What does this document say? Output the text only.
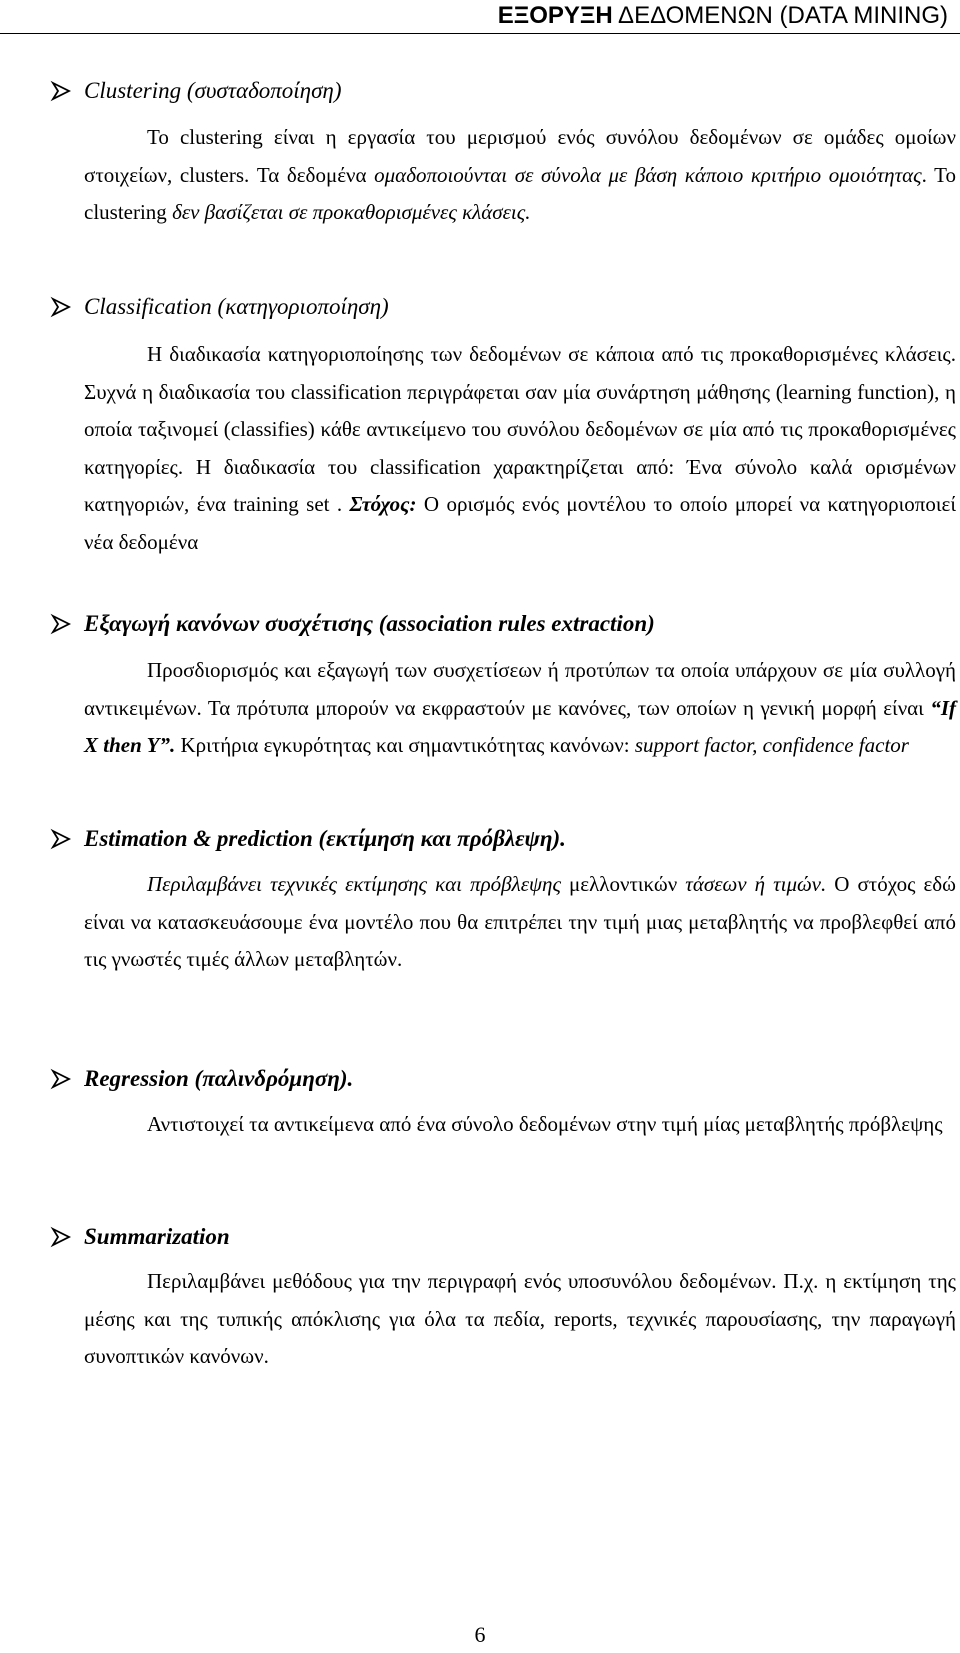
ΕΞΟΡΥΞΗ ΔΕΔΟΜΕΝΩΝ (DATA MINING)
Clustering (συσταδοποίηση)
Το clustering είναι η εργασία του μερισμού ενός συνόλου δεδομένων σε ομάδες ομοίων στοιχείων, clusters. Τα δεδομένα ομαδοποιούνται σε σύνολα με βάση κάποιο κριτήριο ομοιότητας. Το clustering δεν βασίζεται σε προκαθορισμένες κλάσεις.
Classification (κατηγοριοποίηση)
Η διαδικασία κατηγοριοποίησης των δεδομένων σε κάποια από τις προκαθορισμένες κλάσεις. Συχνά η διαδικασία του classification περιγράφεται σαν μία συνάρτηση μάθησης (learning function), η οποία ταξινομεί (classifies) κάθε αντικείμενο του συνόλου δεδομένων σε μία από τις προκαθορισμένες κατηγορίες. Η διαδικασία του classification χαρακτηρίζεται από: Ένα σύνολο καλά ορισμένων κατηγοριών, ένα training set . Στόχος: Ο ορισμός ενός μοντέλου το οποίο μπορεί να κατηγοριοποιεί νέα δεδομένα
Εξαγωγή κανόνων συσχέτισης (association rules extraction)
Προσδιορισμός και εξαγωγή των συσχετίσεων ή προτύπων τα οποία υπάρχουν σε μία συλλογή αντικειμένων. Τα πρότυπα μπορούν να εκφραστούν με κανόνες, των οποίων η γενική μορφή είναι “If X then Y”. Κριτήρια εγκυρότητας και σημαντικότητας κανόνων: support factor, confidence factor
Estimation & prediction (εκτίμηση και πρόβλεψη).
Περιλαμβάνει τεχνικές εκτίμησης και πρόβλεψης μελλοντικών τάσεων ή τιμών. Ο στόχος εδώ είναι να κατασκευάσουμε ένα μοντέλο που θα επιτρέπει την τιμή μιας μεταβλητής να προβλεφθεί από τις γνωστές τιμές άλλων μεταβλητών.
Regression (παλινδρόμηση).
Αντιστοιχεί τα αντικείμενα από ένα σύνολο δεδομένων στην τιμή μίας μεταβλητής πρόβλεψης
Summarization
Περιλαμβάνει μεθόδους για την περιγραφή ενός υποσυνόλου δεδομένων. Π.χ. η εκτίμηση της μέσης και της τυπικής απόκλισης για όλα τα πεδία, reports, τεχνικές παρουσίασης, την παραγωγή συνοπτικών κανόνων.
6
